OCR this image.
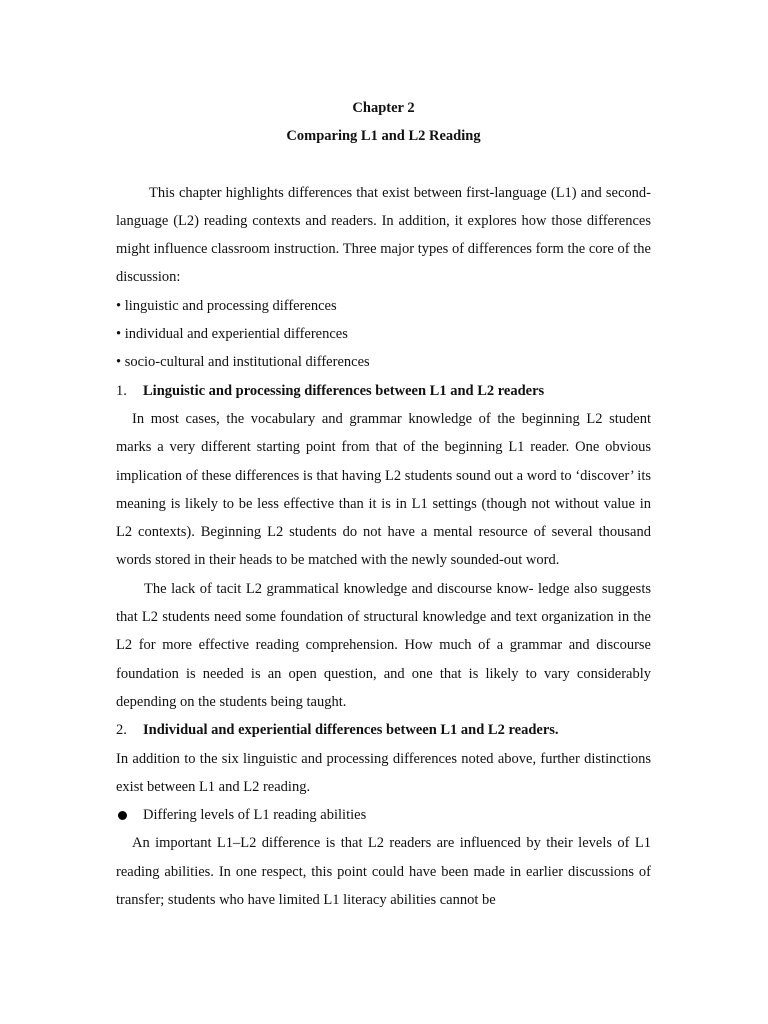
Chapter 2
Comparing L1 and L2 Reading

This chapter highlights differences that exist between first-language (L1) and second-language (L2) reading contexts and readers. In addition, it explores how those differences might influence classroom instruction. Three major types of differences form the core of the discussion:

• linguistic and processing differences

• individual and experiential differences

• socio-cultural and institutional differences

1.	Linguistic and processing differences between L1 and L2 readers

In most cases, the vocabulary and grammar knowledge of the beginning L2 student marks a very different starting point from that of the beginning L1 reader. One obvious implication of these differences is that having L2 students sound out a word to ‘discover’ its meaning is likely to be less effective than it is in L1 settings (though not without value in L2 contexts). Beginning L2 students do not have a mental resource of several thousand words stored in their heads to be matched with the newly sounded-out word.

The lack of tacit L2 grammatical knowledge and discourse know- ledge also suggests that L2 students need some foundation of structural knowledge and text organization in the L2 for more effective reading comprehension. How much of a grammar and discourse foundation is needed is an open question, and one that is likely to vary considerably depending on the students being taught.

2.	Individual and experiential differences between L1 and L2 readers.

In addition to the six linguistic and processing differences noted above, further distinctions exist between L1 and L2 reading.

Differing levels of L1 reading abilities

An important L1–L2 difference is that L2 readers are influenced by their levels of L1 reading abilities. In one respect, this point could have been made in earlier discussions of transfer; students who have limited L1 literacy abilities cannot be
